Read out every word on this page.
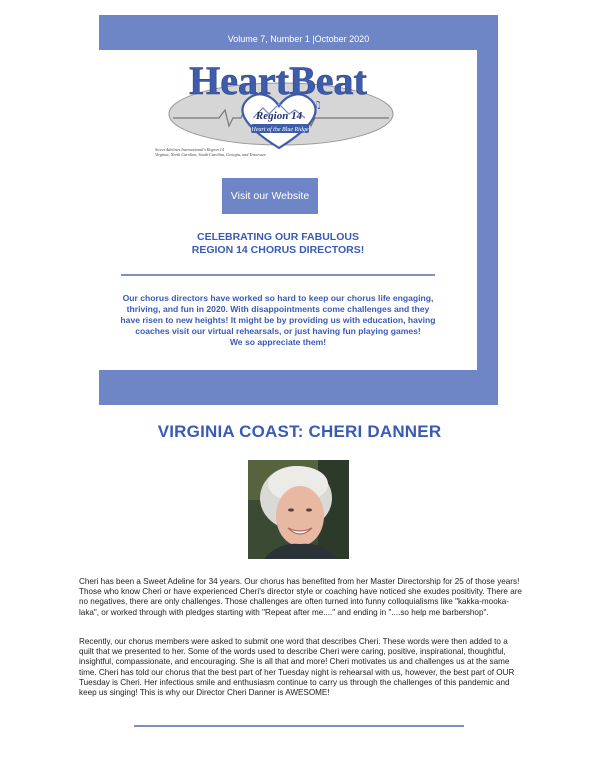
Volume 7, Number 1 |October 2020
♫
HeartBeat
Region 14
Heart of the Blue Ridge
Sweet Adelines International's Region 14
Virginia, North Carolina, South Carolina, Georgia, and Tennessee
Visit our Website
CELEBRATING OUR FABULOUS
REGION 14 CHORUS DIRECTORS!
Our chorus directors have worked so hard to keep our chorus life engaging, thriving, and fun in 2020. With disappointments come challenges and they have risen to new heights! It might be by providing us with education, having coaches visit our virtual rehearsals, or just having fun playing games!
We so appreciate them!
VIRGINIA COAST: CHERI DANNER

Cheri has been a Sweet Adeline for 34 years. Our chorus has benefited from her Master Directorship for 25 of those years! Those who know Cheri or have experienced Cheri's director style or coaching have noticed she exudes positivity. There are no negatives, there are only challenges. Those challenges are often turned into funny colloquialisms like "kakka-mooka-laka", or worked through with pledges starting with "Repeat after me...." and ending in "....so help me barbershop".

Recently, our chorus members were asked to submit one word that describes Cheri. These words were then added to a quilt that we presented to her. Some of the words used to describe Cheri were caring, positive, inspirational, thoughtful, insightful, compassionate, and encouraging. She is all that and more! Cheri motivates us and challenges us at the same time. Cheri has told our chorus that the best part of her Tuesday night is rehearsal with us, however, the best part of OUR Tuesday is Cheri. Her infectious smile and enthusiasm continue to carry us through the challenges of this pandemic and keep us singing! This is why our Director Cheri Danner is AWESOME!
